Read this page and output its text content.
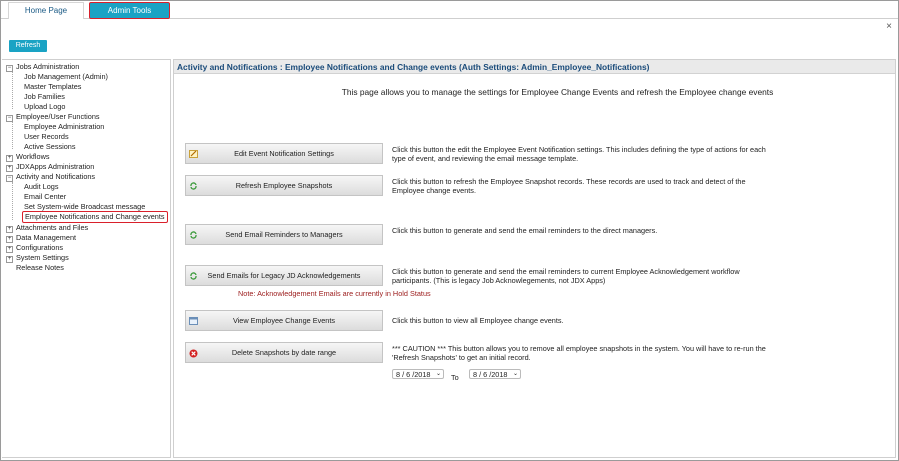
Home Page	Admin Tools
×
Refresh
− Jobs Administration
Job Management (Admin)
Master Templates
Job Families
Upload Logo
− Employee/User Functions
Employee Administration
User Records
Active Sessions
+ Workflows
+ JDXApps Administration
− Activity and Notifications
Audit Logs
Email Center
Set System-wide Broadcast message
Employee Notifications and Change events
+ Attachments and Files
+ Data Management
+ Configurations
+ System Settings
Release Notes
Activity and Notifications : Employee Notifications and Change events (Auth Settings: Admin_Employee_Notifications)
This page allows you to manage the settings for Employee Change Events and refresh the Employee change events
Edit Event Notification Settings	Click this button the edit the Employee Event Notification settings. This includes defining the type of actions for each type of event, and reviewing the email message template.
Refresh Employee Snapshots	Click this button to refresh the Employee Snapshot records. These records are used to track and detect of the Employee change events.
Send Email Reminders to Managers	Click this button to generate and send the email reminders to the direct managers.
Send Emails for Legacy JD Acknowledgements	Click this button to generate and send the email reminders to current Employee Acknowledgement workflow participants. (This is legacy Job Acknowlegements, not JDX Apps)
Note: Acknowledgement Emails are currently in Hold Status
View Employee Change Events	Click this button to view all Employee change events.
Delete Snapshots by date range	*** CAUTION *** This button allows you to remove all employee snapshots in the system. You will have to re-run the 'Refresh Snapshots' to get an initial record.
8 / 6 /2018 ⌄ To	8 / 6 /2018 ⌄
